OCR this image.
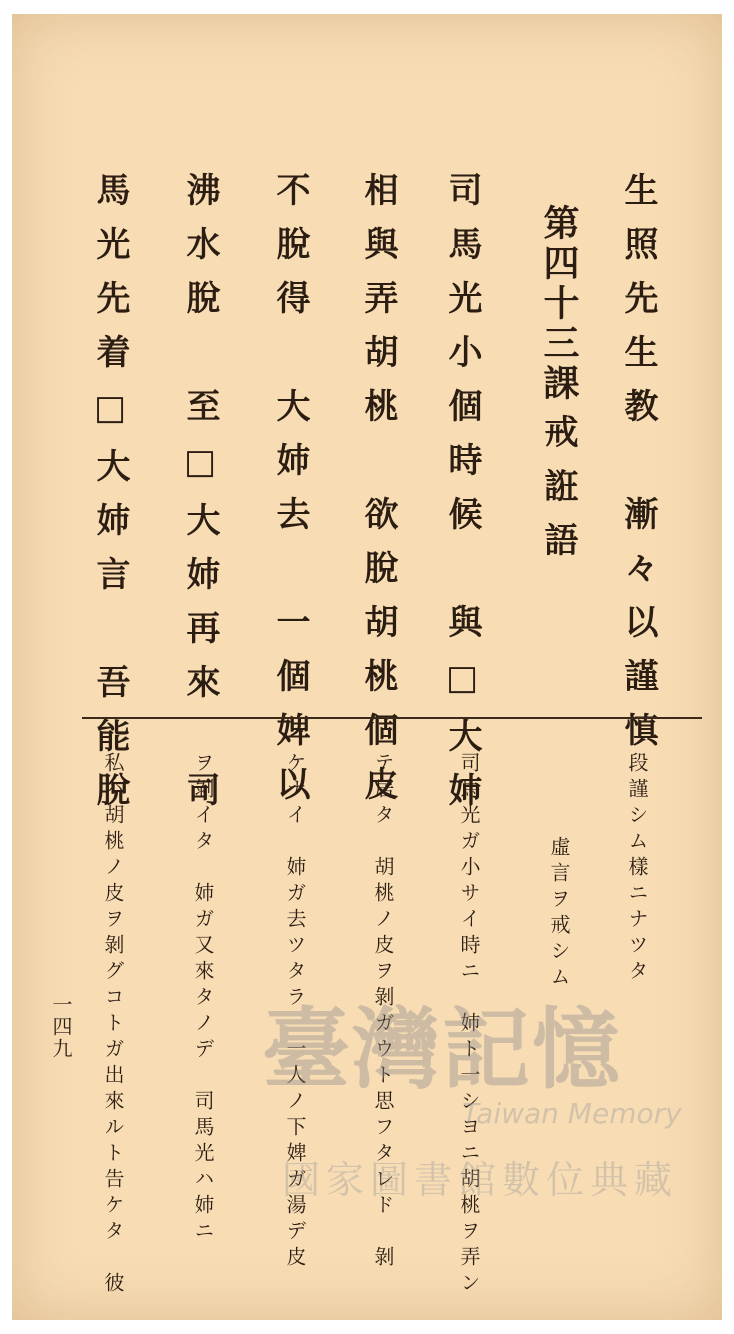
生照先生教　漸々以謹慎
第四十三課
戒誑語
司馬光小個時候　與□大姉
相與弄胡桃　欲脫胡桃個皮
不脫得　大姉去　一個婢以
沸水脫　至□大姉再來　司
馬光先着□大姉言　吾能脫
段謹シム樣ニナツタ
虛言ヲ戒シム
司馬光ガ小サイ時ニ　姉ト一シヨニ胡桃ヲ弄ン
テ居タ　胡桃ノ皮ヲ剝ガウト思フタレド　剝
ケナイ　姉ガ去ツタラ　一人ノ下婢ガ湯デ皮
ヲ剝イタ　姉ガ又來タノデ　司馬光ハ姉ニ
私ハ胡桃ノ皮ヲ剝グコトガ出來ルト告ケタ　彼
一四九 臺灣記憶
Taiwan Memory
國家圖書館數位典藏
